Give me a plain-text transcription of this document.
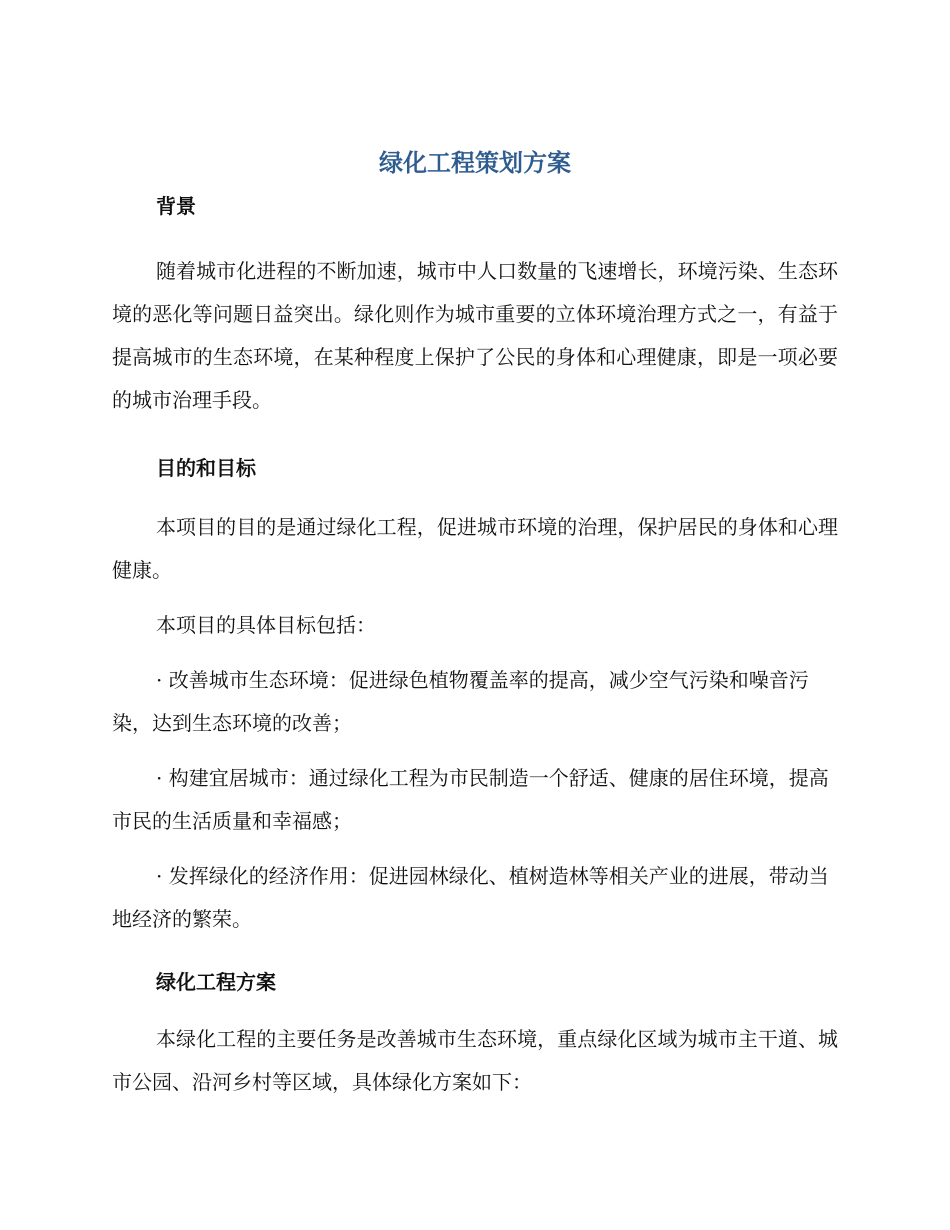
绿化工程策划方案
背景

随着城市化进程的不断加速，城市中人口数量的飞速增长，环境污染、生态环境的恶化等问题日益突出。绿化则作为城市重要的立体环境治理方式之一，有益于提高城市的生态环境，在某种程度上保护了公民的身体和心理健康，即是一项必要的城市治理手段。

目的和目标

本项目的目的是通过绿化工程，促进城市环境的治理，保护居民的身体和心理健康。

本项目的具体目标包括：

· 改善城市生态环境：促进绿色植物覆盖率的提高，减少空气污染和噪音污染，达到生态环境的改善；

· 构建宜居城市：通过绿化工程为市民制造一个舒适、健康的居住环境，提高市民的生活质量和幸福感；

· 发挥绿化的经济作用：促进园林绿化、植树造林等相关产业的进展，带动当地经济的繁荣。

绿化工程方案

本绿化工程的主要任务是改善城市生态环境，重点绿化区域为城市主干道、城市公园、沿河乡村等区域，具体绿化方案如下：
